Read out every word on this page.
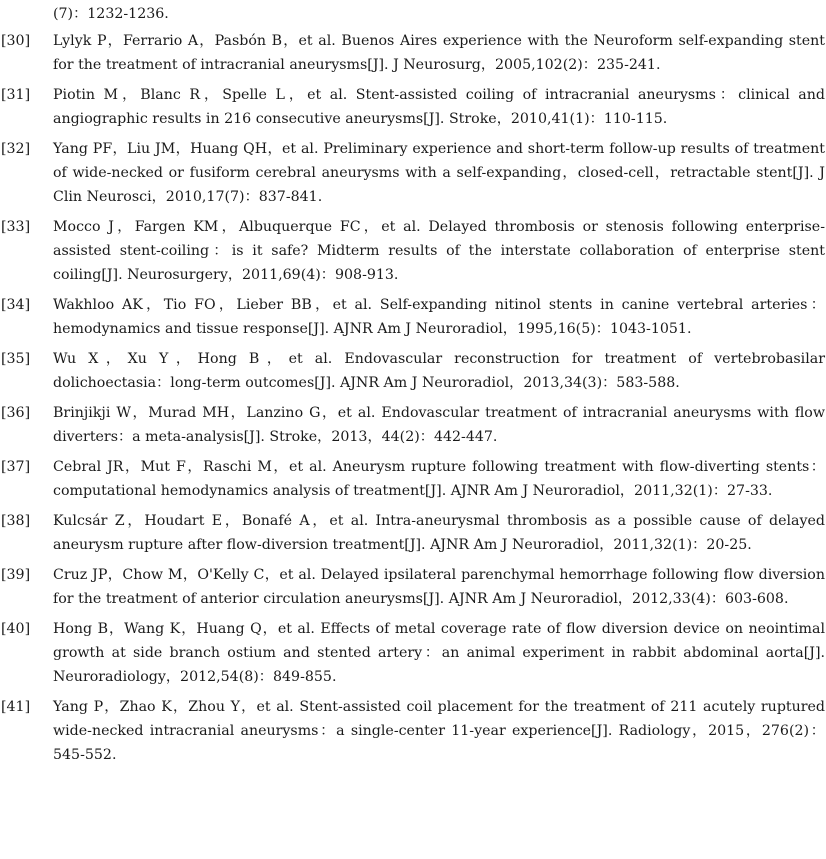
(7)：1232-1236.
[30] Lylyk P，Ferrario A，Pasbón B，et al. Buenos Aires experience with the Neuroform self-expanding stent for the treatment of intracranial aneurysms[J]. J Neurosurg，2005,102(2)：235-241.
[31] Piotin M，Blanc R，Spelle L，et al. Stent-assisted coiling of intracranial aneurysms：clinical and angiographic results in 216 consecutive aneurysms[J]. Stroke，2010,41(1)：110-115.
[32] Yang PF，Liu JM，Huang QH，et al. Preliminary experience and short-term follow-up results of treatment of wide-necked or fusiform cerebral aneurysms with a self-expanding，closed-cell，retractable stent[J]. J Clin Neurosci，2010,17(7)：837-841.
[33] Mocco J，Fargen KM，Albuquerque FC，et al. Delayed thrombosis or stenosis following enterprise-assisted stent-coiling：is it safe? Midterm results of the interstate collaboration of enterprise stent coiling[J]. Neurosurgery，2011,69(4)：908-913.
[34] Wakhloo AK，Tio FO，Lieber BB，et al. Self-expanding nitinol stents in canine vertebral arteries：hemodynamics and tissue response[J]. AJNR Am J Neuroradiol，1995,16(5)：1043-1051.
[35] Wu X，Xu Y，Hong B，et al. Endovascular reconstruction for treatment of vertebrobasilar dolichoectasia：long-term outcomes[J]. AJNR Am J Neuroradiol，2013,34(3)：583-588.
[36] Brinjikji W，Murad MH，Lanzino G，et al. Endovascular treatment of intracranial aneurysms with flow diverters：a meta-analysis[J]. Stroke，2013，44(2)：442-447.
[37] Cebral JR，Mut F，Raschi M，et al. Aneurysm rupture following treatment with flow-diverting stents：computational hemodynamics analysis of treatment[J]. AJNR Am J Neuroradiol，2011,32(1)：27-33.
[38] Kulcsár Z，Houdart E，Bonafé A，et al. Intra-aneurysmal thrombosis as a possible cause of delayed aneurysm rupture after flow-diversion treatment[J]. AJNR Am J Neuroradiol，2011,32(1)：20-25.
[39] Cruz JP，Chow M，O'Kelly C，et al. Delayed ipsilateral parenchymal hemorrhage following flow diversion for the treatment of anterior circulation aneurysms[J]. AJNR Am J Neuroradiol，2012,33(4)：603-608.
[40] Hong B，Wang K，Huang Q，et al. Effects of metal coverage rate of flow diversion device on neointimal growth at side branch ostium and stented artery：an animal experiment in rabbit abdominal aorta[J]. Neuroradiology，2012,54(8)：849-855.
[41] Yang P，Zhao K，Zhou Y，et al. Stent-assisted coil placement for the treatment of 211 acutely ruptured wide-necked intracranial aneurysms：a single-center 11-year experience[J]. Radiology，2015，276(2)：545-552.
